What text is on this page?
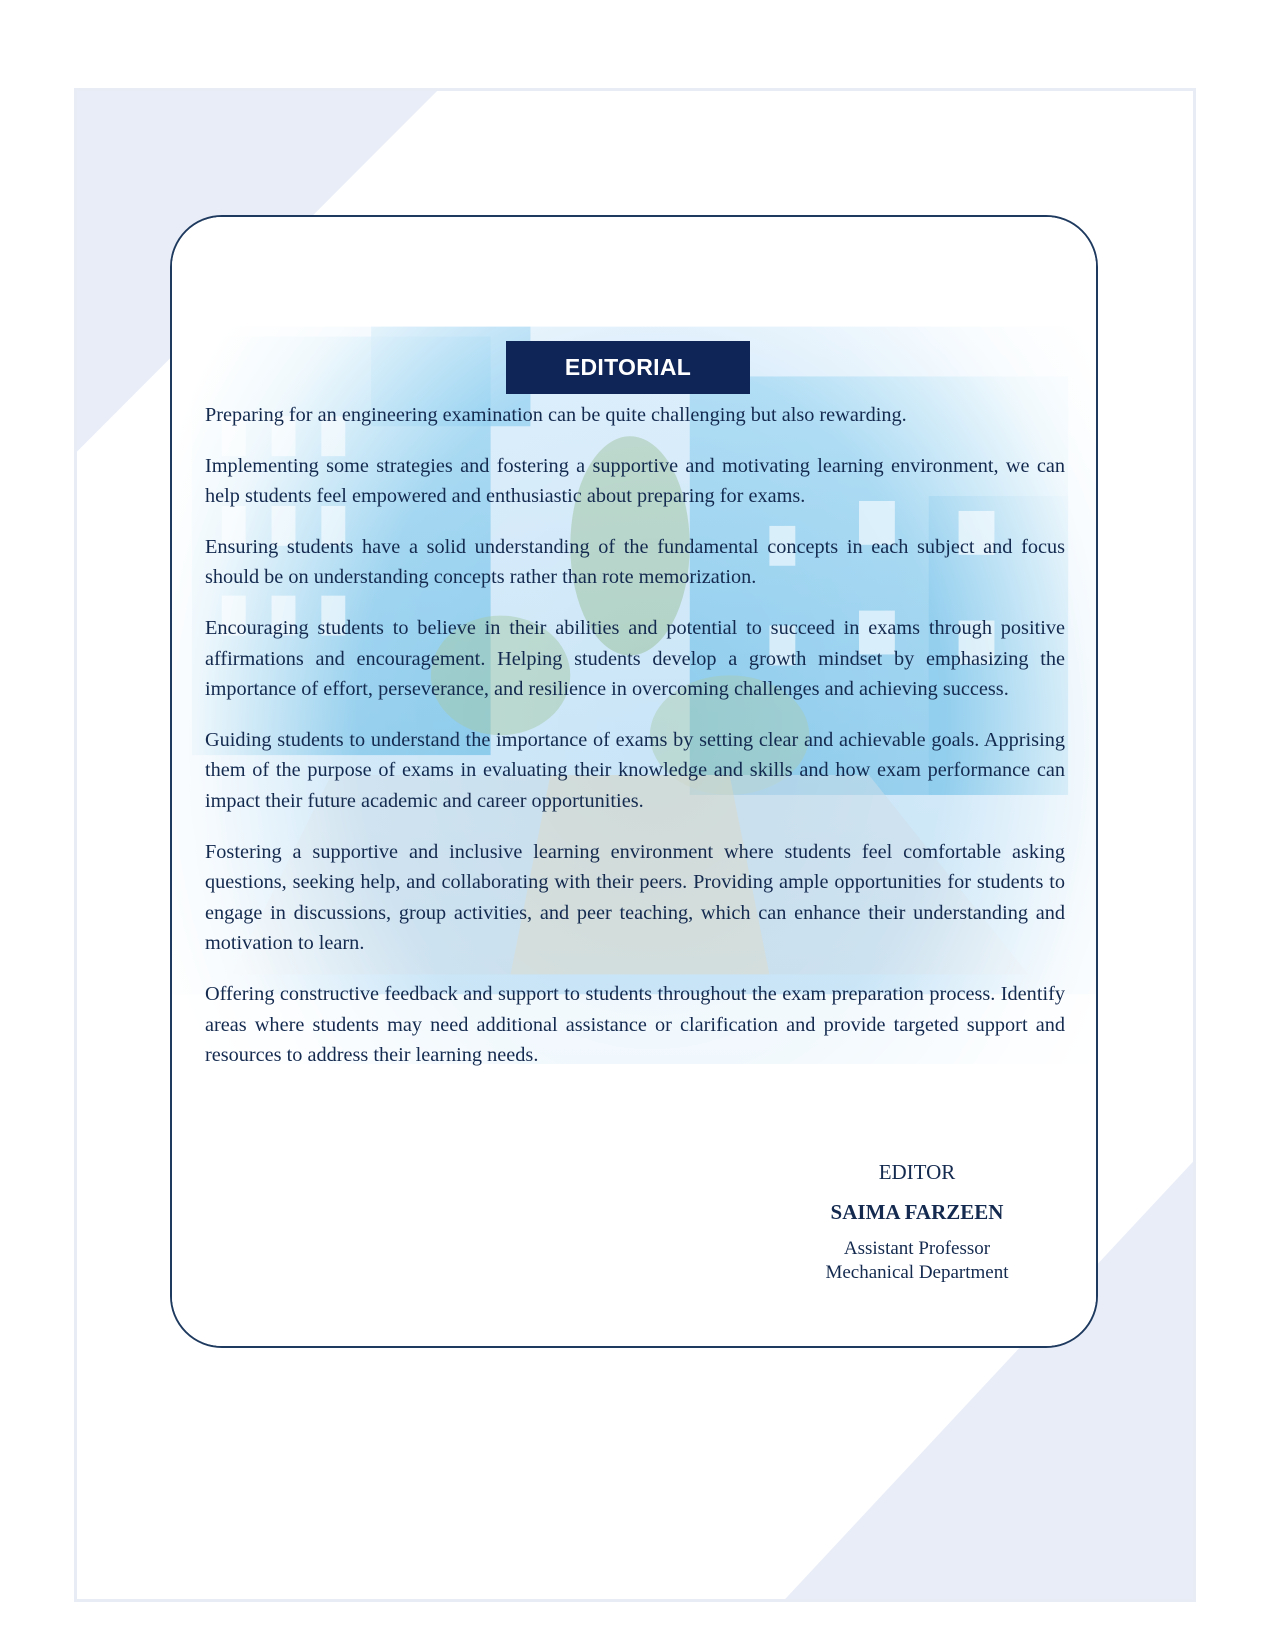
EDITORIAL

Preparing for an engineering examination can be quite challenging but also rewarding.

Implementing some strategies and fostering a supportive and motivating learning environment, we can help students feel empowered and enthusiastic about preparing for exams.

Ensuring students have a solid understanding of the fundamental concepts in each subject and focus should be on understanding concepts rather than rote memorization.

Encouraging students to believe in their abilities and potential to succeed in exams through positive affirmations and encouragement. Helping students develop a growth mindset by emphasizing the importance of effort, perseverance, and resilience in overcoming challenges and achieving success.

Guiding students to understand the importance of exams by setting clear and achievable goals. Apprising them of the purpose of exams in evaluating their knowledge and skills and how exam performance can impact their future academic and career opportunities.

Fostering a supportive and inclusive learning environment where students feel comfortable asking questions, seeking help, and collaborating with their peers. Providing ample opportunities for students to engage in discussions, group activities, and peer teaching, which can enhance their understanding and motivation to learn.

Offering constructive feedback and support to students throughout the exam preparation process. Identify areas where students may need additional assistance or clarification and provide targeted support and resources to address their learning needs.

EDITOR
SAIMA FARZEEN
Assistant Professor
Mechanical Department
